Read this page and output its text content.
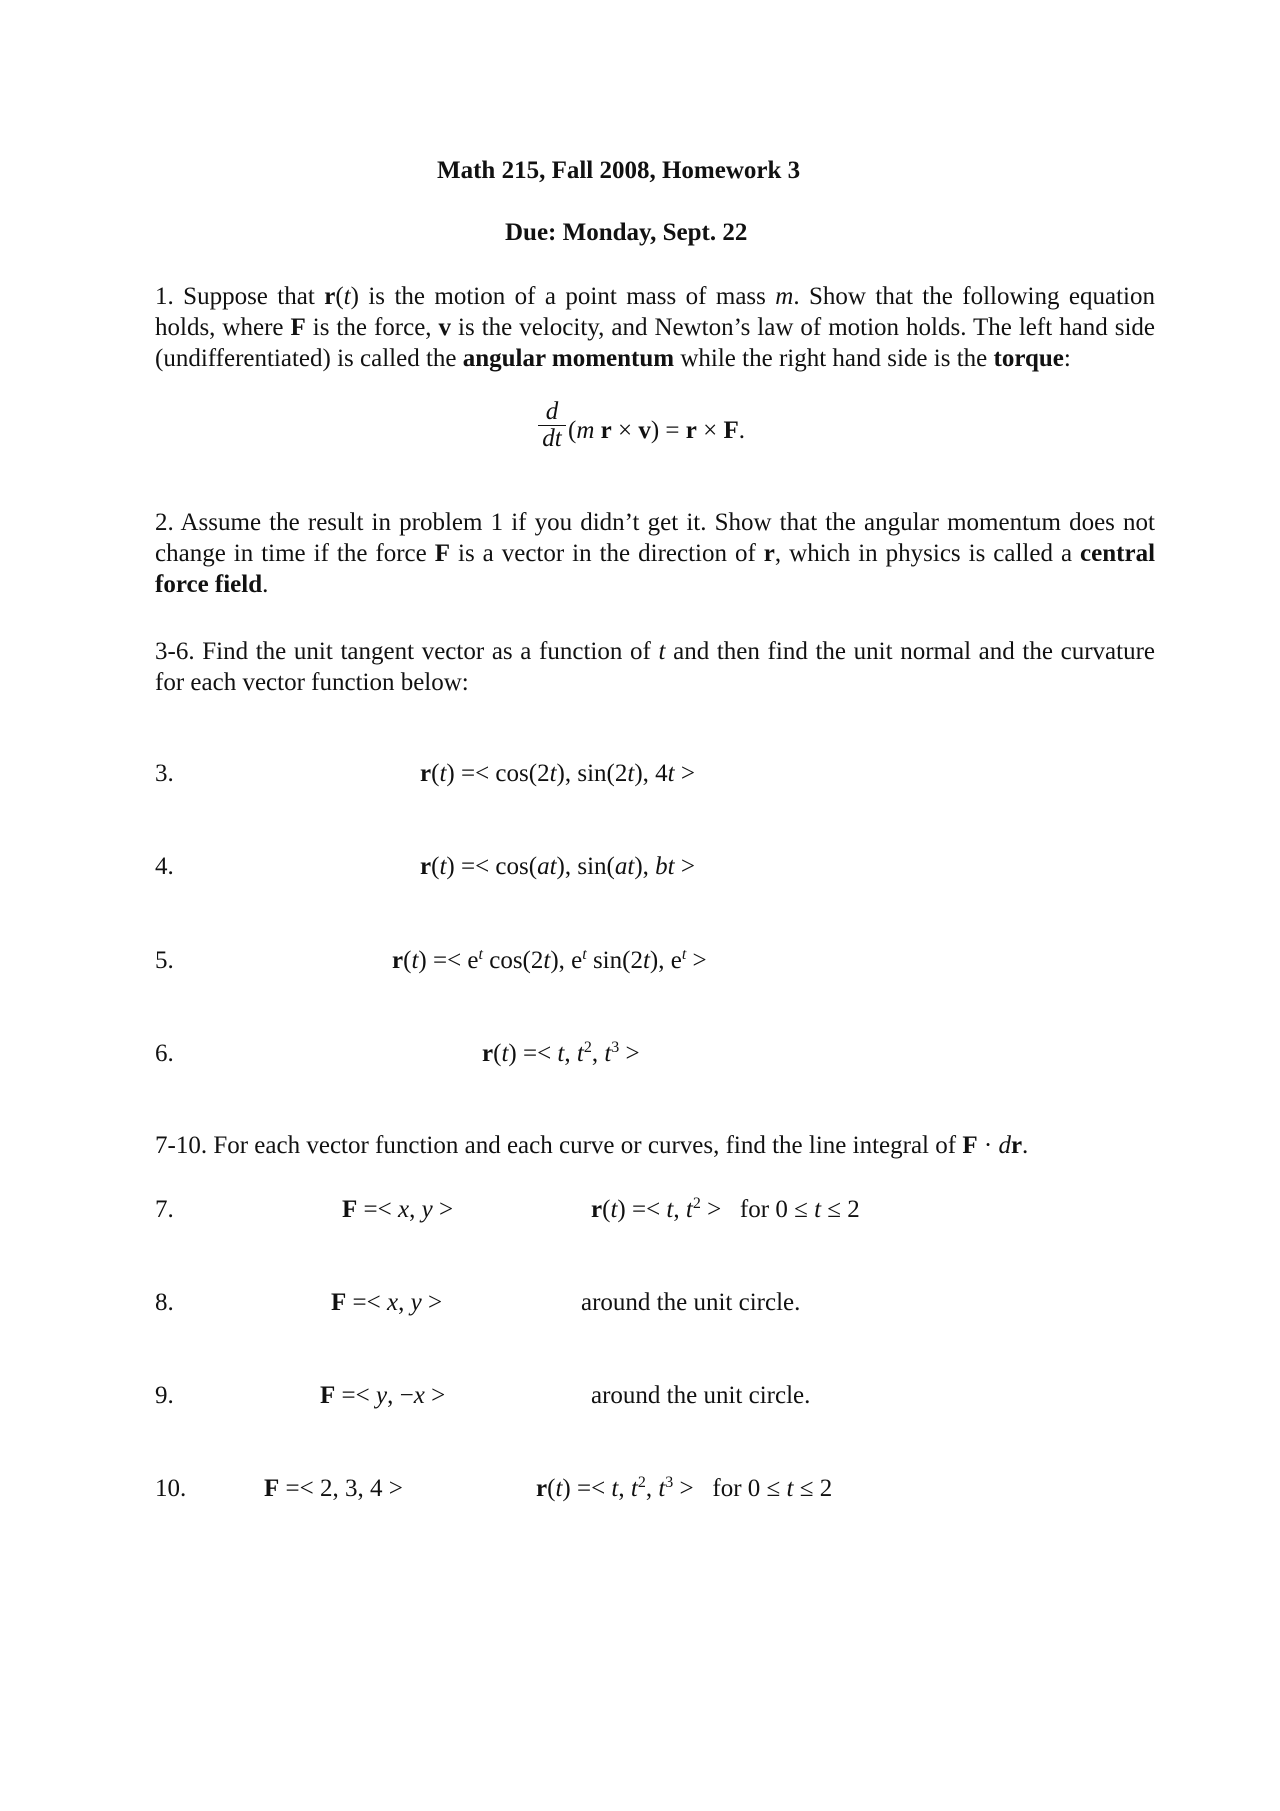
Math 215, Fall 2008, Homework 3
Due: Monday, Sept. 22
1. Suppose that r(t) is the motion of a point mass of mass m. Show that the following equation holds, where F is the force, v is the velocity, and Newton’s law of motion holds. The left hand side (undifferentiated) is called the angular momentum while the right hand side is the torque:
d
dt (m r × v) = r × F.
2. Assume the result in problem 1 if you didn’t get it. Show that the angular momentum does not change in time if the force F is a vector in the direction of r, which in physics is called a central force field.
3-6. Find the unit tangent vector as a function of t and then find the unit normal and the curvature for each vector function below:
3.	r(t) =< cos(2t), sin(2t), 4t >
4.	r(t) =< cos(at), sin(at), bt >
5.	$r(t) =< e^t$ cos(2t), $e^t$ sin(2t), $e^t$ >
6.	r(t) =< t, $t^2$, $t^3$ >
7-10. For each vector function and each curve or curves, find the line integral of F · dr.
7.	F =< x, y >	r(t) =< t, $t^2$ >   for 0 ≤ t ≤ 2
8.	F =< x, y >	around the unit circle.
9.	F =< y, −x >	around the unit circle.
10.	F =< 2, 3, 4 >	r(t) =< t, $t^2$, $t^3$ >   for 0 ≤ t ≤ 2
